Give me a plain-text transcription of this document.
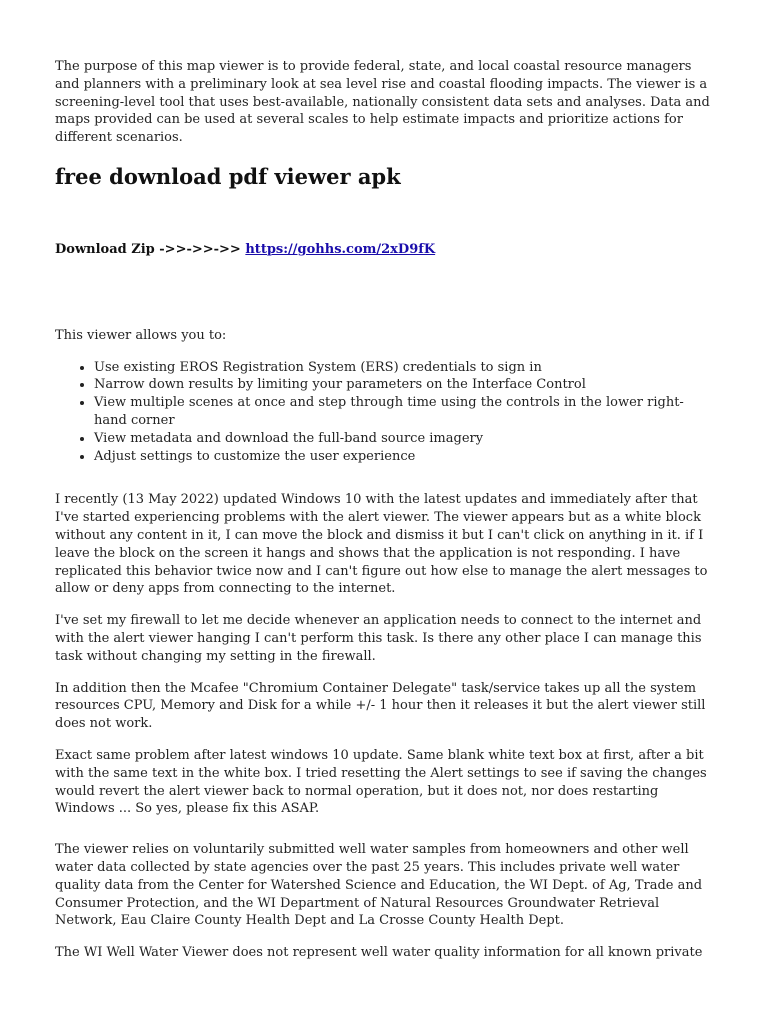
The purpose of this map viewer is to provide federal, state, and local coastal resource managers and planners with a preliminary look at sea level rise and coastal flooding impacts. The viewer is a screening-level tool that uses best-available, nationally consistent data sets and analyses. Data and maps provided can be used at several scales to help estimate impacts and prioritize actions for different scenarios.

free download pdf viewer apk

Download Zip ->>->>->> https://gohhs.com/2xD9fK

This viewer allows you to:

• Use existing EROS Registration System (ERS) credentials to sign in
• Narrow down results by limiting your parameters on the Interface Control
• View multiple scenes at once and step through time using the controls in the lower right-hand corner
• View metadata and download the full-band source imagery
• Adjust settings to customize the user experience

I recently (13 May 2022) updated Windows 10 with the latest updates and immediately after that I've started experiencing problems with the alert viewer. The viewer appears but as a white block without any content in it, I can move the block and dismiss it but I can't click on anything in it. if I leave the block on the screen it hangs and shows that the application is not responding. I have replicated this behavior twice now and I can't figure out how else to manage the alert messages to allow or deny apps from connecting to the internet.

I've set my firewall to let me decide whenever an application needs to connect to the internet and with the alert viewer hanging I can't perform this task. Is there any other place I can manage this task without changing my setting in the firewall.

In addition then the Mcafee "Chromium Container Delegate" task/service takes up all the system resources CPU, Memory and Disk for a while +/- 1 hour then it releases it but the alert viewer still does not work.

Exact same problem after latest windows 10 update. Same blank white text box at first, after a bit with the same text in the white box. I tried resetting the Alert settings to see if saving the changes would revert the alert viewer back to normal operation, but it does not, nor does restarting Windows ... So yes, please fix this ASAP.

The viewer relies on voluntarily submitted well water samples from homeowners and other well water data collected by state agencies over the past 25 years. This includes private well water quality data from the Center for Watershed Science and Education, the WI Dept. of Ag, Trade and Consumer Protection, and the WI Department of Natural Resources Groundwater Retrieval Network, Eau Claire County Health Dept and La Crosse County Health Dept.

The WI Well Water Viewer does not represent well water quality information for all known private
